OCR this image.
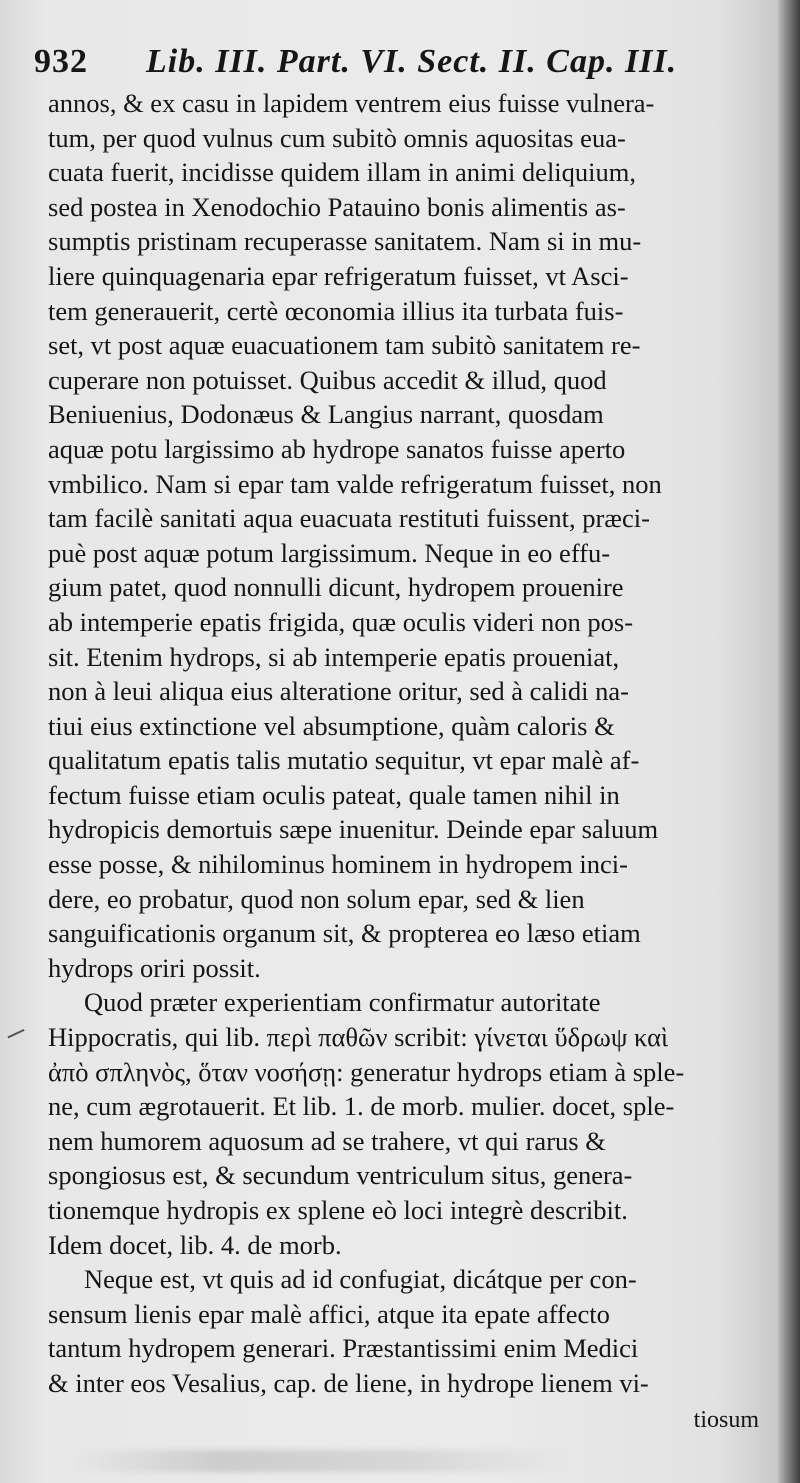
932 Lib. III. Part. VI. Sect. II. Cap. III.
annos, & ex casu in lapidem ventrem eius fuisse vulnera-
tum, per quod vulnus cum subitò omnis aquositas eua-
cuata fuerit, incidisse quidem illam in animi deliquium,
sed postea in Xenodochio Patauino bonis alimentis as-
sumptis pristinam recuperasse sanitatem. Nam si in mu-
liere quinquagenaria epar refrigeratum fuisset, vt Asci-
tem generauerit, certè œconomia illius ita turbata fuis-
set, vt post aquæ euacuationem tam subitò sanitatem re-
cuperare non potuisset. Quibus accedit & illud, quod
Beniuenius, Dodonæus & Langius narrant, quosdam
aquæ potu largissimo ab hydrope sanatos fuisse aperto
vmbilico. Nam si epar tam valde refrigeratum fuisset, non
tam facilè sanitati aqua euacuata restituti fuissent, præci-
puè post aquæ potum largissimum. Neque in eo effu-
gium patet, quod nonnulli dicunt, hydropem prouenire
ab intemperie epatis frigida, quæ oculis videri non pos-
sit. Etenim hydrops, si ab intemperie epatis proueniat,
non à leui aliqua eius alteratione oritur, sed à calidi na-
tiui eius extinctione vel absumptione, quàm caloris &
qualitatum epatis talis mutatio sequitur, vt epar malè af-
fectum fuisse etiam oculis pateat, quale tamen nihil in
hydropicis demortuis sæpe inuenitur. Deinde epar saluum
esse posse, & nihilominus hominem in hydropem inci-
dere, eo probatur, quod non solum epar, sed & lien
sanguificationis organum sit, & propterea eo læso etiam
hydrops oriri possit.
Quod præter experientiam confirmatur autoritate
Hippocratis, qui lib. περὶ παθῶν scribit: γίνεται ὕδρωψ καὶ
ἀπὸ σπληνὸς, ὅταν νοσήσῃ: generatur hydrops etiam à sple-
ne, cum ægrotauerit. Et lib. 1. de morb. mulier. docet, sple-
nem humorem aquosum ad se trahere, vt qui rarus &
spongiosus est, & secundum ventriculum situs, genera-
tionemque hydropis ex splene eò loci integrè describit.
Idem docet, lib. 4. de morb.
Neque est, vt quis ad id confugiat, dicátque per con-
sensum lienis epar malè affici, atque ita epate affecto
tantum hydropem generari. Præstantissimi enim Medici
& inter eos Vesalius, cap. de liene, in hydrope lienem vi-
tiosum
